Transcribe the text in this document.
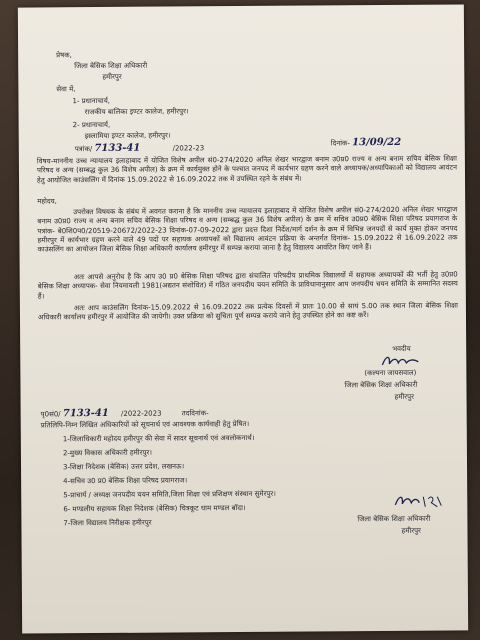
प्रेषक,
जिला बेसिक शिक्षा अधिकारी
हमीरपुर
सेवा में,
1- प्रधानाचार्य,
राजकीय बालिका इण्टर कालेज, हमीरपुर।
2- प्रधानाचार्य,
इस्लामिया इण्टर कालेज, हमीरपुर।
पत्रांक/ 7133-41	/2022-23
दिनांक- 13/09/22
विषय-माननीय उच्च न्यायालय इलाहाबाद में योजित विशेष अपील सं0-274/2020 अनिल शेखर भारद्वाज बनाम उ0प्र0 राज्य व अन्य बनाम सचिव बेसिक शिक्षा परिषद व अन्य (सम्बद्ध कुल 36 विशेष अपील) के क्रम में कार्यमुक्त होने के पश्चात जनपद में कार्यभार ग्रहण करने वाले अध्यापक/अध्यापिकाओं को विद्यालय आवंटन हेतु आयोजित काउंसलिंग में दिनांक 15.09.2022 से 16.09.2022 तक में उपस्थित रहने के संबंध में।
महोदय,
उपरोक्त विषयक के संबंध में अवगत कराना है कि माननीय उच्च न्यायालय इलाहाबाद में योजित विशेष अपील सं0-274/2020 अनिल शेखर भारद्वाज बनाम उ0प्र0 राज्य व अन्य बनाम सचिव बेसिक शिक्षा परिषद व अन्य (सम्बद्ध कुल 36 विशेष अपील) के क्रम में सचिव उ0प्र0 बेसिक शिक्षा परिषद प्रयागराज के पत्रांक- बे0शि0प0/20519-20672/2022-23 दिनांक-07-09-2022 द्वारा प्रदत्त दिशा निर्देश/मार्ग दर्शन के क्रम में विभिन्न जनपदों से कार्य मुक्त होकर जनपद हमीरपुर में कार्यभार ग्रहण करने वाले 49 पदों पर सहायक अध्यापकों को विद्यालय आवंटन प्रक्रिया के अन्तर्गत दिनांक- 15.09.2022 से 16.09.2022 तक काउंसलिंग का आयोजन जिला बेसिक शिक्षा अधिकारी कार्यालय हमीरपुर में सम्पन्न कराया जाना है हेतु विद्यालय आवंटित किए जाने हैं।
अतः आपसे अनुरोध है कि आप उ0 प्र0 बेसिक शिक्षा परिषद द्वारा संचालित परिषदीय प्राथमिक विद्यालयों में सहायक अध्यापकों की भर्ती हेतु उ0प्र0 बेसिक शिक्षा अध्यापक- सेवा नियमावली 1981(अद्यतन संशोधित) में गठित जनपदीय चयन समिति के प्राविधानानुसार आप जनपदीय चयन समिति के सम्मानित सदस्य हैं।
अतः आप काउंसलिंग दिनांक-15.09.2022 से 16.09.2022 तक प्रत्येक दिवसों में प्रातः 10.00 से सायं 5.00 तक स्थान जिला बेसिक शिक्षा अधिकारी कार्यालय हमीरपुर में आयोजित की जायेगी। उक्त प्रक्रिया को सुचिता पूर्ण सम्पन्न कराये जाने हेतु उपस्थित होने का कष्ट करें।
भवदीय
(कल्पना जायसवाल)
जिला बेसिक शिक्षा अधिकारी
हमीरपुर
पृ0सं0/ 7133-41 /2022-2023	तददिनांक-
प्रतिलिपि-निम्न लिखित अधिकारियों को सूचनार्थ एवं आवश्यक कार्यवाही हेतु प्रेषित।
1-जिलाधिकारी महोदय हमीरपुर की सेवा में सादर सूचनार्थ एवं अवलोकनार्थ।
2-मुख्य विकास अधिकारी हमीरपुर।
3-शिक्षा निदेशक (बेसिक) उत्तर प्रदेश, लखनऊ।
4-सचिव उ0 प्र0 बेसिक शिक्षा परिषद प्रयागराज।
5-प्राचार्य / अध्यक्ष जनपदीय चयन समिति,जिला शिक्षा एवं प्रशिक्षण संस्थान सुमेरपुर।
6- मण्डलीय सहायक शिक्षा निदेशक (बेसिक) चित्रकूट धाम मण्डल बॉदा।
7-जिला विद्यालय निरीक्षक हमीरपुर	जिला बेसिक शिक्षा अधिकारी
हमीरपुर
